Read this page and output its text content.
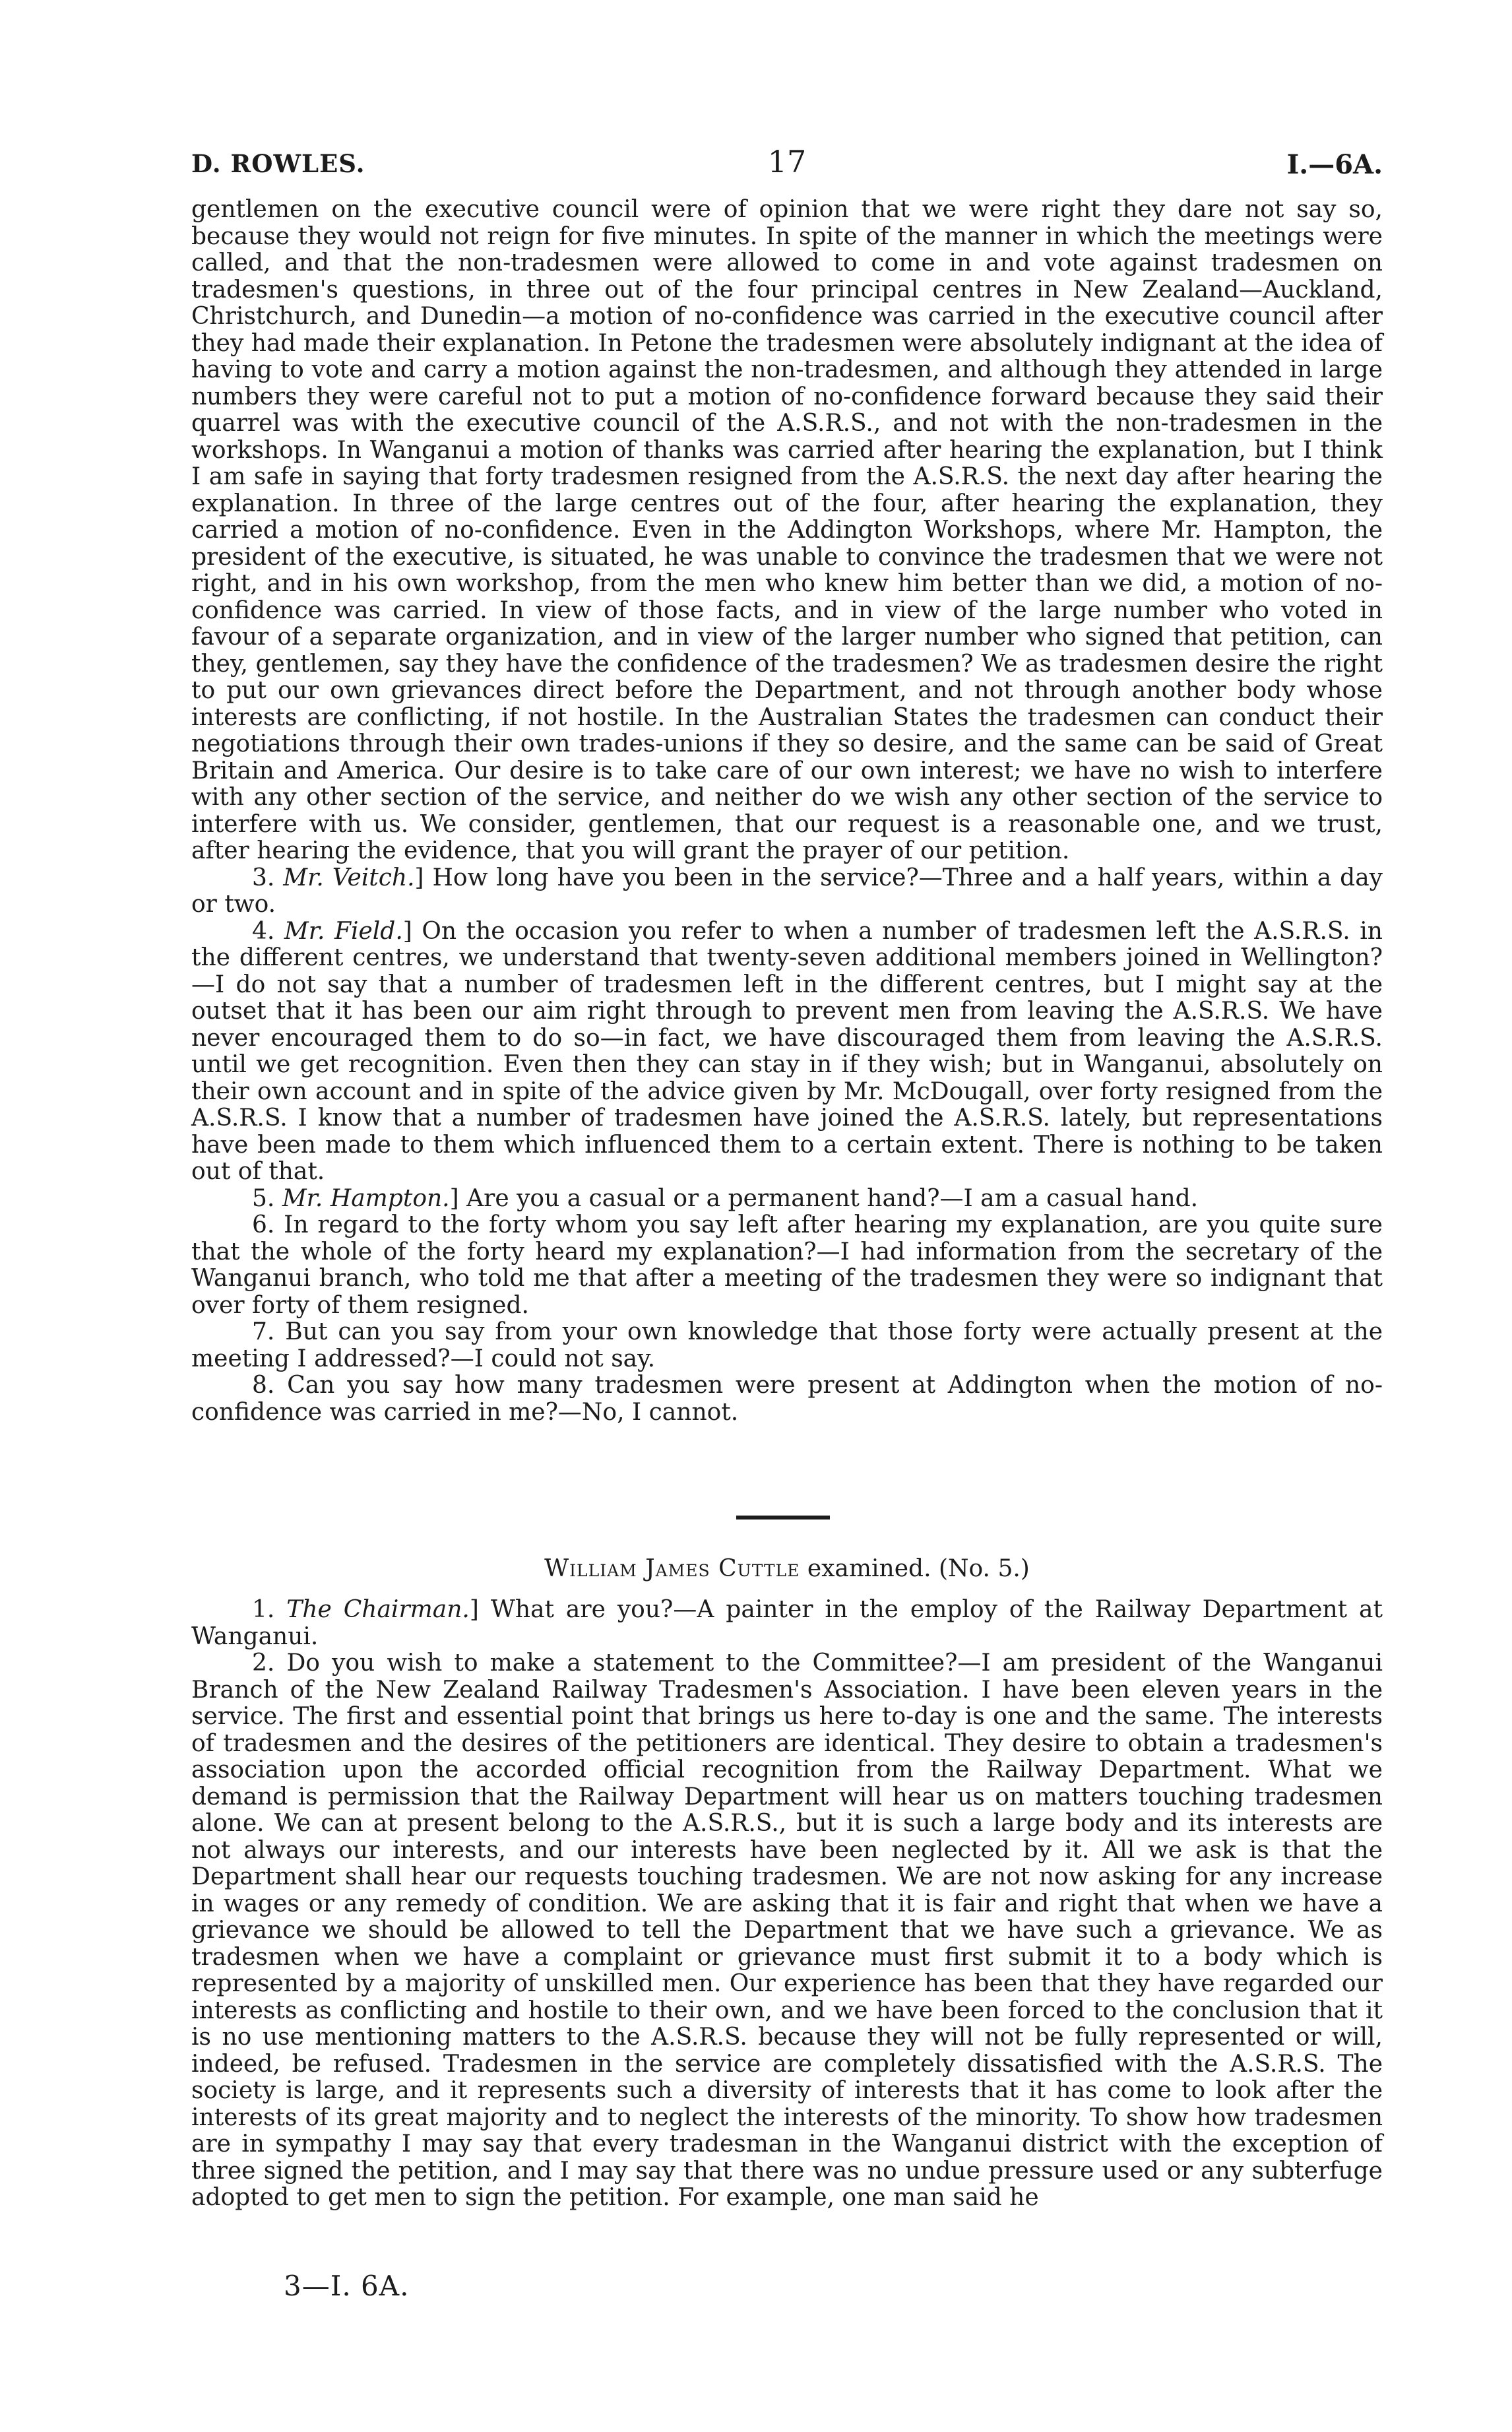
D. ROWLES.	17	I.—6A.

gentlemen on the executive council were of opinion that we were right they dare not say so, because they would not reign for five minutes. In spite of the manner in which the meetings were called, and that the non-tradesmen were allowed to come in and vote against tradesmen on tradesmen's questions, in three out of the four principal centres in New Zealand—Auckland, Christchurch, and Dunedin—a motion of no-confidence was carried in the executive council after they had made their explanation. In Petone the tradesmen were absolutely indignant at the idea of having to vote and carry a motion against the non-tradesmen, and although they attended in large numbers they were careful not to put a motion of no-confidence forward because they said their quarrel was with the executive council of the A.S.R.S., and not with the non-tradesmen in the workshops. In Wanganui a motion of thanks was carried after hearing the explanation, but I think I am safe in saying that forty tradesmen resigned from the A.S.R.S. the next day after hearing the explanation. In three of the large centres out of the four, after hearing the explanation, they carried a motion of no-confidence. Even in the Addington Workshops, where Mr. Hampton, the president of the executive, is situated, he was unable to convince the tradesmen that we were not right, and in his own workshop, from the men who knew him better than we did, a motion of no-confidence was carried. In view of those facts, and in view of the large number who voted in favour of a separate organization, and in view of the larger number who signed that petition, can they, gentlemen, say they have the confidence of the tradesmen? We as tradesmen desire the right to put our own grievances direct before the Department, and not through another body whose interests are conflicting, if not hostile. In the Australian States the tradesmen can conduct their negotiations through their own trades-unions if they so desire, and the same can be said of Great Britain and America. Our desire is to take care of our own interest; we have no wish to interfere with any other section of the service, and neither do we wish any other section of the service to interfere with us. We consider, gentlemen, that our request is a reasonable one, and we trust, after hearing the evidence, that you will grant the prayer of our petition.

3. Mr. Veitch.] How long have you been in the service?—Three and a half years, within a day or two.

4. Mr. Field.] On the occasion you refer to when a number of tradesmen left the A.S.R.S. in the different centres, we understand that twenty-seven additional members joined in Wellington?—I do not say that a number of tradesmen left in the different centres, but I might say at the outset that it has been our aim right through to prevent men from leaving the A.S.R.S. We have never encouraged them to do so—in fact, we have discouraged them from leaving the A.S.R.S. until we get recognition. Even then they can stay in if they wish; but in Wanganui, absolutely on their own account and in spite of the advice given by Mr. McDougall, over forty resigned from the A.S.R.S. I know that a number of tradesmen have joined the A.S.R.S. lately, but representations have been made to them which influenced them to a certain extent. There is nothing to be taken out of that.

5. Mr. Hampton.] Are you a casual or a permanent hand?—I am a casual hand.

6. In regard to the forty whom you say left after hearing my explanation, are you quite sure that the whole of the forty heard my explanation?—I had information from the secretary of the Wanganui branch, who told me that after a meeting of the tradesmen they were so indignant that over forty of them resigned.

7. But can you say from your own knowledge that those forty were actually present at the meeting I addressed?—I could not say.

8. Can you say how many tradesmen were present at Addington when the motion of no-confidence was carried in me?—No, I cannot.

William James Cuttle examined. (No. 5.)

1. The Chairman.] What are you?—A painter in the employ of the Railway Department at Wanganui.

2. Do you wish to make a statement to the Committee?—I am president of the Wanganui Branch of the New Zealand Railway Tradesmen's Association. I have been eleven years in the service. The first and essential point that brings us here to-day is one and the same. The interests of tradesmen and the desires of the petitioners are identical. They desire to obtain a tradesmen's association upon the accorded official recognition from the Railway Department. What we demand is permission that the Railway Department will hear us on matters touching tradesmen alone. We can at present belong to the A.S.R.S., but it is such a large body and its interests are not always our interests, and our interests have been neglected by it. All we ask is that the Department shall hear our requests touching tradesmen. We are not now asking for any increase in wages or any remedy of condition. We are asking that it is fair and right that when we have a grievance we should be allowed to tell the Department that we have such a grievance. We as tradesmen when we have a complaint or grievance must first submit it to a body which is represented by a majority of unskilled men. Our experience has been that they have regarded our interests as conflicting and hostile to their own, and we have been forced to the conclusion that it is no use mentioning matters to the A.S.R.S. because they will not be fully represented or will, indeed, be refused. Tradesmen in the service are completely dissatisfied with the A.S.R.S. The society is large, and it represents such a diversity of interests that it has come to look after the interests of its great majority and to neglect the interests of the minority. To show how tradesmen are in sympathy I may say that every tradesman in the Wanganui district with the exception of three signed the petition, and I may say that there was no undue pressure used or any subterfuge adopted to get men to sign the petition. For example, one man said he

3—I. 6A.
